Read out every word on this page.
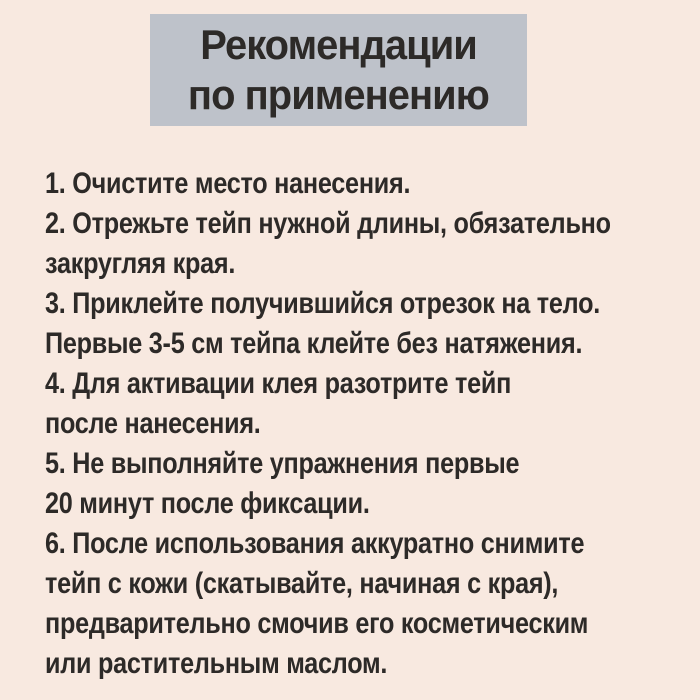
Рекомендации
по применению
1. Очистите место нанесения.
2. Отрежьте тейп нужной длины, обязательно
закругляя края.
3. Приклейте получившийся отрезок на тело.
Первые 3-5 см тейпа клейте без натяжения.
4. Для активации клея разотрите тейп
после нанесения.
5. Не выполняйте упражнения первые
20 минут после фиксации.
6. После использования аккуратно снимите
тейп с кожи (скатывайте, начиная с края),
предварительно смочив его косметическим
или растительным маслом.
